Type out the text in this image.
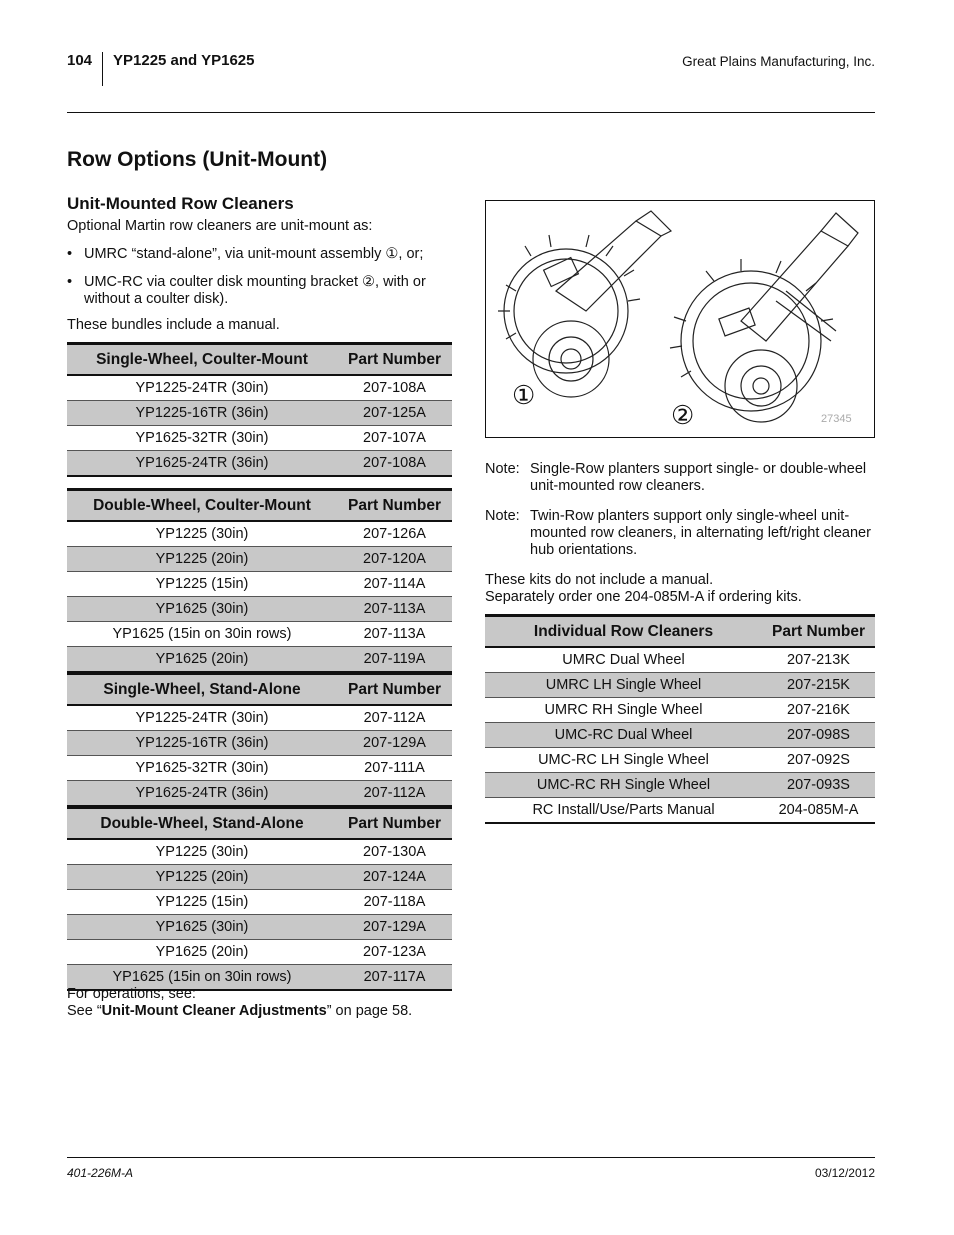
104 YP1225 and YP1625	Great Plains Manufacturing, Inc.
Row Options (Unit-Mount)
Unit-Mounted Row Cleaners
Optional Martin row cleaners are unit-mount as:
• UMRC “stand-alone”, via unit-mount assembly ①, or;
• UMC-RC via coulter disk mounting bracket ②, with or without a coulter disk).
These bundles include a manual.
Single-Wheel, Coulter-Mount	Part Number
YP1225-24TR (30in)	207-108A
YP1225-16TR (36in)	207-125A
YP1625-32TR (30in)	207-107A
YP1625-24TR (36in)	207-108A
Double-Wheel, Coulter-Mount	Part Number
YP1225 (30in)	207-126A
YP1225 (20in)	207-120A
YP1225 (15in)	207-114A
YP1625 (30in)	207-113A
YP1625 (15in on 30in rows)	207-113A
YP1625 (20in)	207-119A
Single-Wheel, Stand-Alone	Part Number
YP1225-24TR (30in)	207-112A
YP1225-16TR (36in)	207-129A
YP1625-32TR (30in)	207-111A
YP1625-24TR (36in)	207-112A
Double-Wheel, Stand-Alone	Part Number
YP1225 (30in)	207-130A
YP1225 (20in)	207-124A
YP1225 (15in)	207-118A
YP1625 (30in)	207-129A
YP1625 (20in)	207-123A
YP1625 (15in on 30in rows)	207-117A
For operations, see:
See “Unit-Mount Cleaner Adjustments” on page 58.
①
②	27345
Note: Single-Row planters support single- or double-wheel unit-mounted row cleaners.
Note: Twin-Row planters support only single-wheel unit-mounted row cleaners, in alternating left/right cleaner hub orientations.
These kits do not include a manual.
Separately order one 204-085M-A if ordering kits.
Individual Row Cleaners	Part Number
UMRC Dual Wheel	207-213K
UMRC LH Single Wheel	207-215K
UMRC RH Single Wheel	207-216K
UMC-RC Dual Wheel	207-098S
UMC-RC LH Single Wheel	207-092S
UMC-RC RH Single Wheel	207-093S
RC Install/Use/Parts Manual	204-085M-A
401-226M-A	03/12/2012
